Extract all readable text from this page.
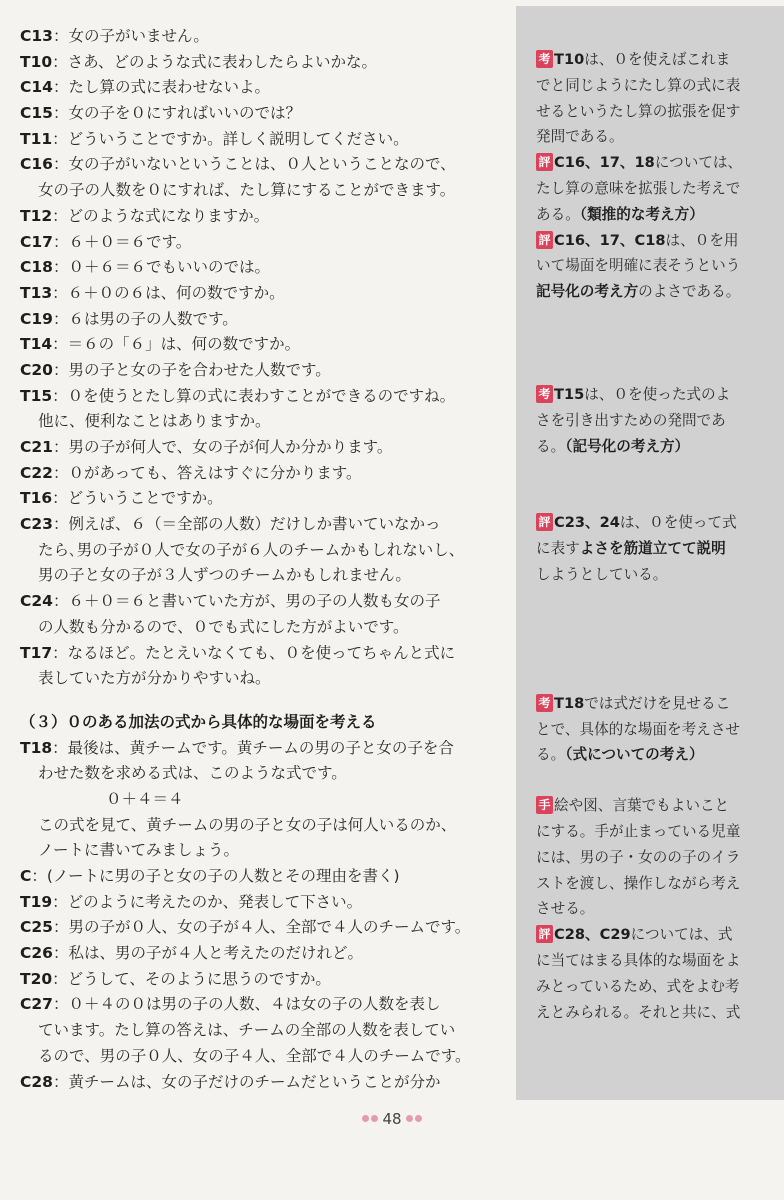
C13：女の子がいません。
T10：さあ、どのような式に表わしたらよいかな。
C14：たし算の式に表わせないよ。
C15：女の子を０にすればいいのでは？
T11：どういうことですか。詳しく説明してください。
C16：女の子がいないということは、０人ということなので、
女の子の人数を０にすれば、たし算にすることができます。
T12：どのような式になりますか。
C17：６＋０＝６です。
C18：０＋６＝６でもいいのでは。
T13：６＋０の６は、何の数ですか。
C19：６は男の子の人数です。
T14：＝６の「６」は、何の数ですか。
C20：男の子と女の子を合わせた人数です。
T15：０を使うとたし算の式に表わすことができるのですね。
他に、便利なことはありますか。
C21：男の子が何人で、女の子が何人か分かります。
C22：０があっても、答えはすぐに分かります。
T16：どういうことですか。
C23：例えば、６（＝全部の人数）だけしか書いていなかっ
たら､男の子が０人で女の子が６人のチームかもしれないし、
男の子と女の子が３人ずつのチームかもしれません。
C24：６＋０＝６と書いていた方が、男の子の人数も女の子
の人数も分かるので、０でも式にした方がよいです。
T17：なるほど。たとえいなくても、０を使ってちゃんと式に
表していた方が分かりやすいね。
（３）０のある加法の式から具体的な場面を考える
T18：最後は、黄チームです。黄チームの男の子と女の子を合
わせた数を求める式は、このような式です。
０＋４＝４
この式を見て、黄チームの男の子と女の子は何人いるのか、
ノートに書いてみましょう。
C：(ノートに男の子と女の子の人数とその理由を書く)
T19：どのように考えたのか、発表して下さい。
C25：男の子が０人、女の子が４人、全部で４人のチームです。
C26：私は、男の子が４人と考えたのだけれど。
T20：どうして、そのように思うのですか。
C27：０＋４の０は男の子の人数、４は女の子の人数を表し
ています。たし算の答えは、チームの全部の人数を表してい
るので、男の子０人、女の子４人、全部で４人のチームです。
C28：黄チームは、女の子だけのチームだということが分か
考 T10は、０を使えばこれま
でと同じようにたし算の式に表
せるというたし算の拡張を促す
発問である。
評 C16、17、18については、
たし算の意味を拡張した考えで
ある。（類推的な考え方）
評 C16、17、C18は、０を用
いて場面を明確に表そうという
記号化の考え方のよさである。
考 T15は、０を使った式のよ
さを引き出すための発問であ
る。（記号化の考え方）
評 C23、24は、０を使って式
に表すよさを筋道立てて説明
しようとしている。
考 T18では式だけを見せるこ
とで、具体的な場面を考えさせ
る。（式についての考え）
手 絵や図、言葉でもよいこと
にする。手が止まっている児童
には、男の子・女のの子のイラ
ストを渡し、操作しながら考え
させる。
評 C28、C29については、式
に当てはまる具体的な場面をよ
みとっているため、式をよむ考
えとみられる。それと共に、式
48
